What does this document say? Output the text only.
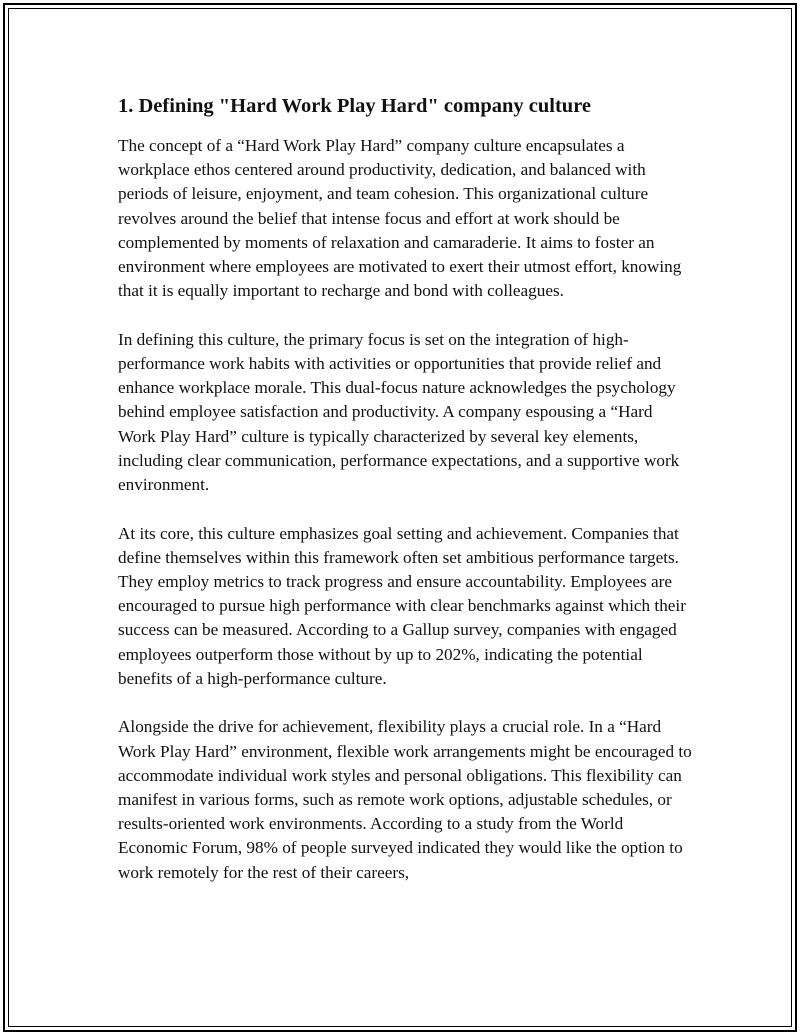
1. Defining "Hard Work Play Hard" company culture

The concept of a “Hard Work Play Hard” company culture encapsulates a workplace ethos centered around productivity, dedication, and balanced with periods of leisure, enjoyment, and team cohesion. This organizational culture revolves around the belief that intense focus and effort at work should be complemented by moments of relaxation and camaraderie. It aims to foster an environment where employees are motivated to exert their utmost effort, knowing that it is equally important to recharge and bond with colleagues.

In defining this culture, the primary focus is set on the integration of high-performance work habits with activities or opportunities that provide relief and enhance workplace morale. This dual-focus nature acknowledges the psychology behind employee satisfaction and productivity. A company espousing a “Hard Work Play Hard” culture is typically characterized by several key elements, including clear communication, performance expectations, and a supportive work environment.

At its core, this culture emphasizes goal setting and achievement. Companies that define themselves within this framework often set ambitious performance targets. They employ metrics to track progress and ensure accountability. Employees are encouraged to pursue high performance with clear benchmarks against which their success can be measured. According to a Gallup survey, companies with engaged employees outperform those without by up to 202%, indicating the potential benefits of a high-performance culture.

Alongside the drive for achievement, flexibility plays a crucial role. In a “Hard Work Play Hard” environment, flexible work arrangements might be encouraged to accommodate individual work styles and personal obligations. This flexibility can manifest in various forms, such as remote work options, adjustable schedules, or results-oriented work environments. According to a study from the World Economic Forum, 98% of people surveyed indicated they would like the option to work remotely for the rest of their careers,
